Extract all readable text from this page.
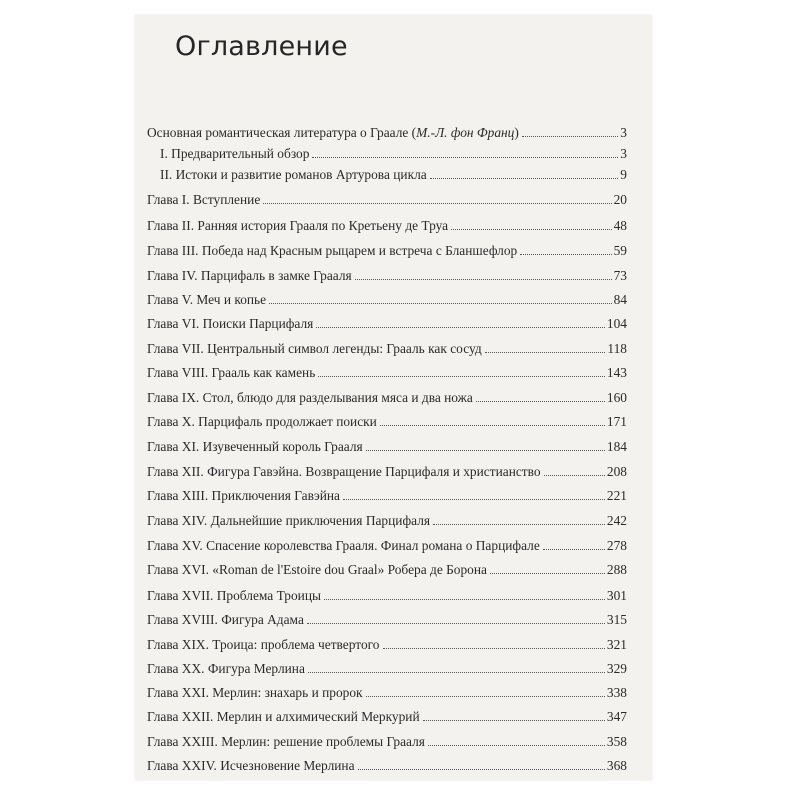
Оглавление
Основная романтическая литература о Граале (М.-Л. фон Франц)	3
I. Предварительный обзор	3
II. Истоки и развитие романов Артурова цикла	9
Глава I. Вступление	20
Глава II. Ранняя история Грааля по Кретьену де Труа	48
Глава III. Победа над Красным рыцарем и встреча с Бланшефлор	59
Глава IV. Парцифаль в замке Грааля	73
Глава V. Меч и копье	84
Глава VI. Поиски Парцифаля	104
Глава VII. Центральный символ легенды: Грааль как сосуд	118
Глава VIII. Грааль как камень	143
Глава IX. Стол, блюдо для разделывания мяса и два ножа	160
Глава X. Парцифаль продолжает поиски	171
Глава XI. Изувеченный король Грааля	184
Глава XII. Фигура Гавэйна. Возвращение Парцифаля и христианство	208
Глава XIII. Приключения Гавэйна	221
Глава XIV. Дальнейшие приключения Парцифаля	242
Глава XV. Спасение королевства Грааля. Финал романа о Парцифале	278
Глава XVI. «Roman de l'Estoire dou Graal» Робера де Борона	288
Глава XVII. Проблема Троицы	301
Глава XVIII. Фигура Адама	315
Глава XIX. Троица: проблема четвертого	321
Глава XX. Фигура Мерлина	329
Глава XXI. Мерлин: знахарь и пророк	338
Глава XXII. Мерлин и алхимический Меркурий	347
Глава XXIII. Мерлин: решение проблемы Грааля	358
Глава XXIV. Исчезновение Мерлина	368
